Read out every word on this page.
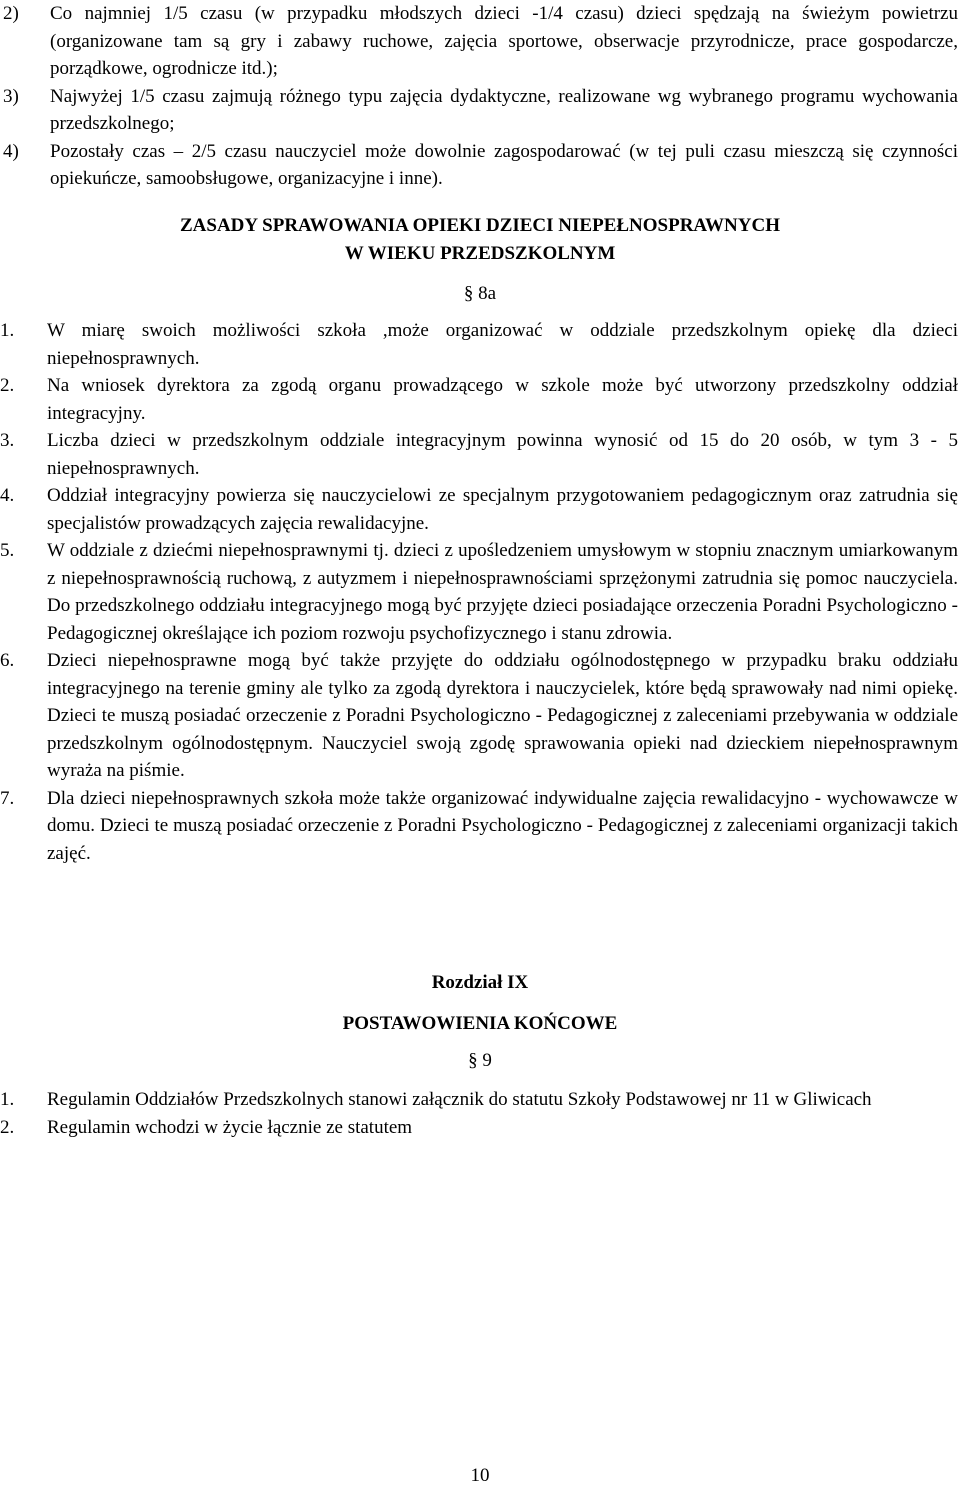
2)	Co najmniej 1/5 czasu (w przypadku młodszych dzieci -1/4 czasu) dzieci spędzają na świeżym powietrzu (organizowane tam są gry i zabawy ruchowe, zajęcia sportowe, obserwacje przyrodnicze, prace gospodarcze, porządkowe, ogrodnicze itd.);
3)	Najwyżej 1/5 czasu zajmują różnego typu zajęcia dydaktyczne, realizowane wg wybranego programu wychowania przedszkolnego;
4)	Pozostały czas – 2/5 czasu nauczyciel może dowolnie zagospodarować (w tej puli czasu mieszczą się czynności opiekuńcze, samoobsługowe, organizacyjne i inne).
ZASADY SPRAWOWANIA OPIEKI DZIECI NIEPEŁNOSPRAWNYCH
W WIEKU PRZEDSZKOLNYM
§ 8a
1.	W miarę swoich możliwości szkoła ,może organizować w oddziale przedszkolnym opiekę dla dzieci niepełnosprawnych.
2.	Na wniosek dyrektora za zgodą organu prowadzącego w szkole może być utworzony przedszkolny oddział integracyjny.
3.	Liczba dzieci w przedszkolnym oddziale integracyjnym powinna wynosić od 15 do 20 osób, w tym 3 - 5 niepełnosprawnych.
4.	Oddział integracyjny powierza się nauczycielowi ze specjalnym przygotowaniem pedagogicznym oraz zatrudnia się specjalistów prowadzących zajęcia rewalidacyjne.
5.	W oddziale z dziećmi niepełnosprawnymi tj. dzieci z upośledzeniem umysłowym w stopniu znacznym umiarkowanym z niepełnosprawnością ruchową, z autyzmem i niepełnosprawnościami sprzężonymi zatrudnia się pomoc nauczyciela. Do przedszkolnego oddziału integracyjnego mogą być przyjęte dzieci posiadające orzeczenia Poradni Psychologiczno - Pedagogicznej określające ich poziom rozwoju psychofizycznego i stanu zdrowia.
6.	Dzieci niepełnosprawne mogą być także przyjęte do oddziału ogólnodostępnego w przypadku braku oddziału integracyjnego na terenie gminy ale tylko za zgodą dyrektora i nauczycielek, które będą sprawowały nad nimi opiekę. Dzieci te muszą posiadać orzeczenie z Poradni Psychologiczno - Pedagogicznej z zaleceniami przebywania w oddziale przedszkolnym ogólnodostępnym. Nauczyciel swoją zgodę sprawowania opieki nad dzieckiem niepełnosprawnym wyraża na piśmie.
7.	Dla dzieci niepełnosprawnych szkoła może także organizować indywidualne zajęcia rewalidacyjno - wychowawcze w domu. Dzieci te muszą posiadać orzeczenie z Poradni Psychologiczno - Pedagogicznej z zaleceniami organizacji takich zajęć.
Rozdział IX
POSTAWOWIENIA KOŃCOWE
§ 9
1.	Regulamin Oddziałów Przedszkolnych stanowi załącznik do statutu Szkoły Podstawowej nr 11 w Gliwicach
2.	Regulamin wchodzi w życie łącznie ze statutem
10
